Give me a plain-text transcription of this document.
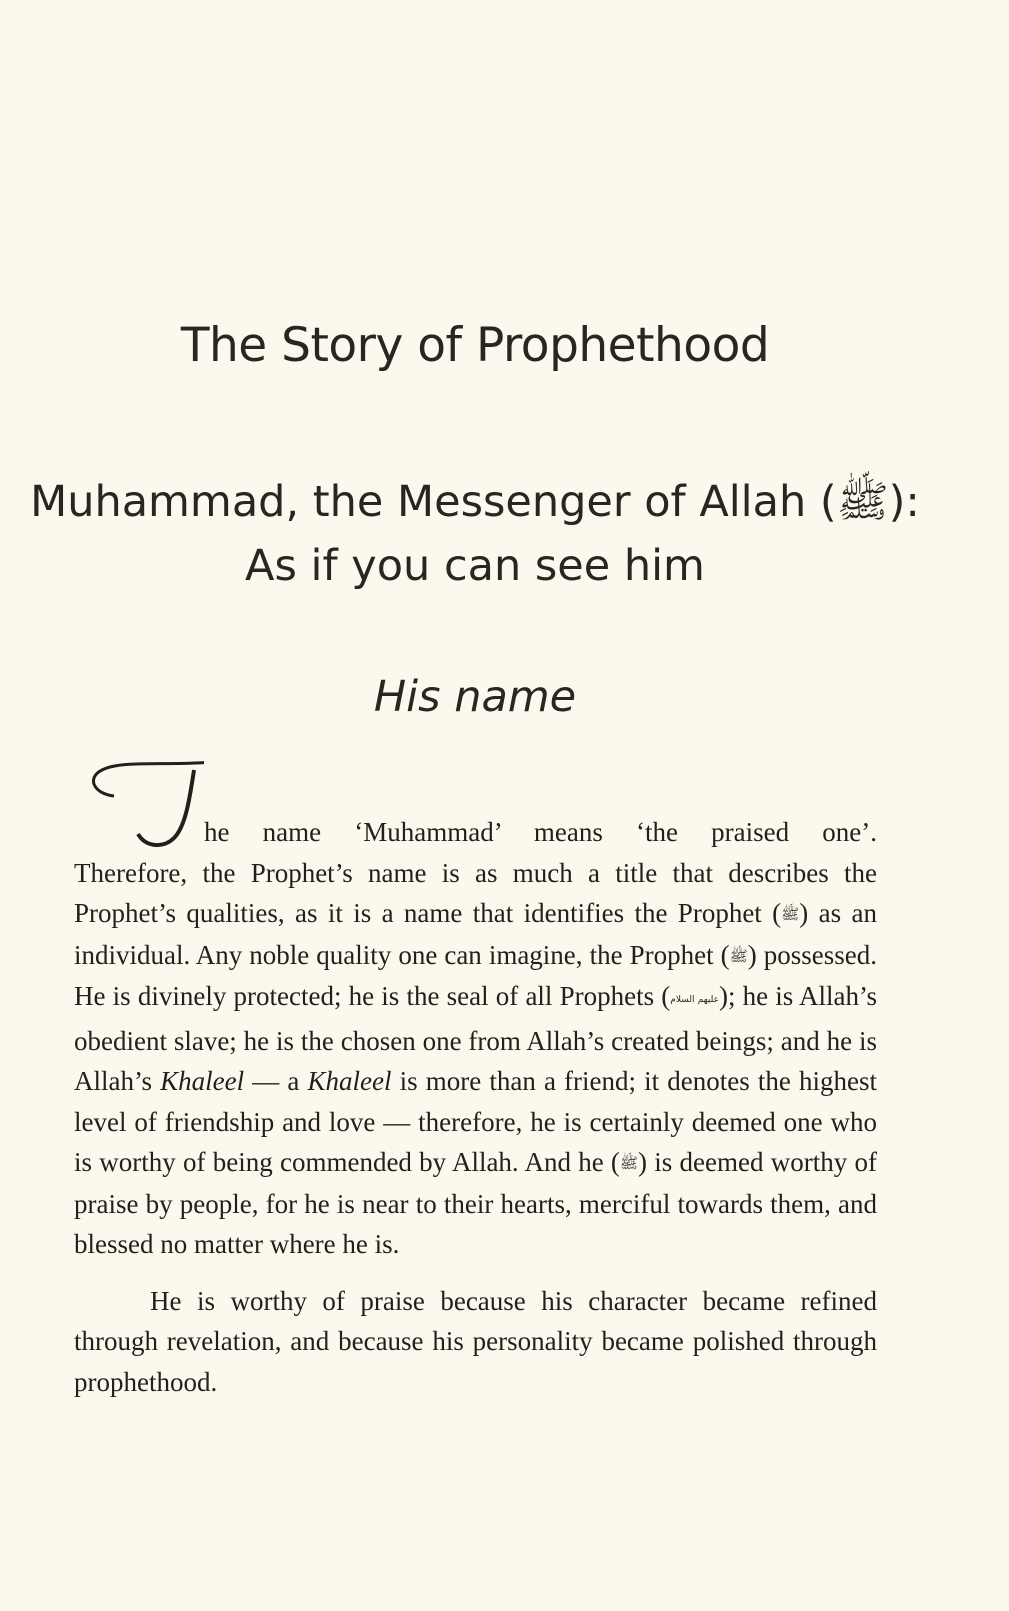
The Story of Prophethood
Muhammad, the Messenger of Allah (ﷺ):
As if you can see him
His name

he name ‘Muhammad’ means ‘the praised one’.
Therefore, the Prophet’s name is as much a title that describes the Prophet’s qualities, as it is a name that identifies the Prophet (ﷺ) as an individual. Any noble quality one can imagine, the Prophet (ﷺ) possessed. He is divinely protected; he is the seal of all Prophets (عليهم السلام); he is Allah’s obedient slave; he is the chosen one from Allah’s created beings; and he is Allah’s Khaleel — a Khaleel is more than a friend; it denotes the highest level of friendship and love — therefore, he is certainly deemed one who is worthy of being commended by Allah. And he (ﷺ) is deemed worthy of praise by people, for he is near to their hearts, merciful towards them, and blessed no matter where he is.

He is worthy of praise because his character became refined through revelation, and because his personality became polished through prophethood.
